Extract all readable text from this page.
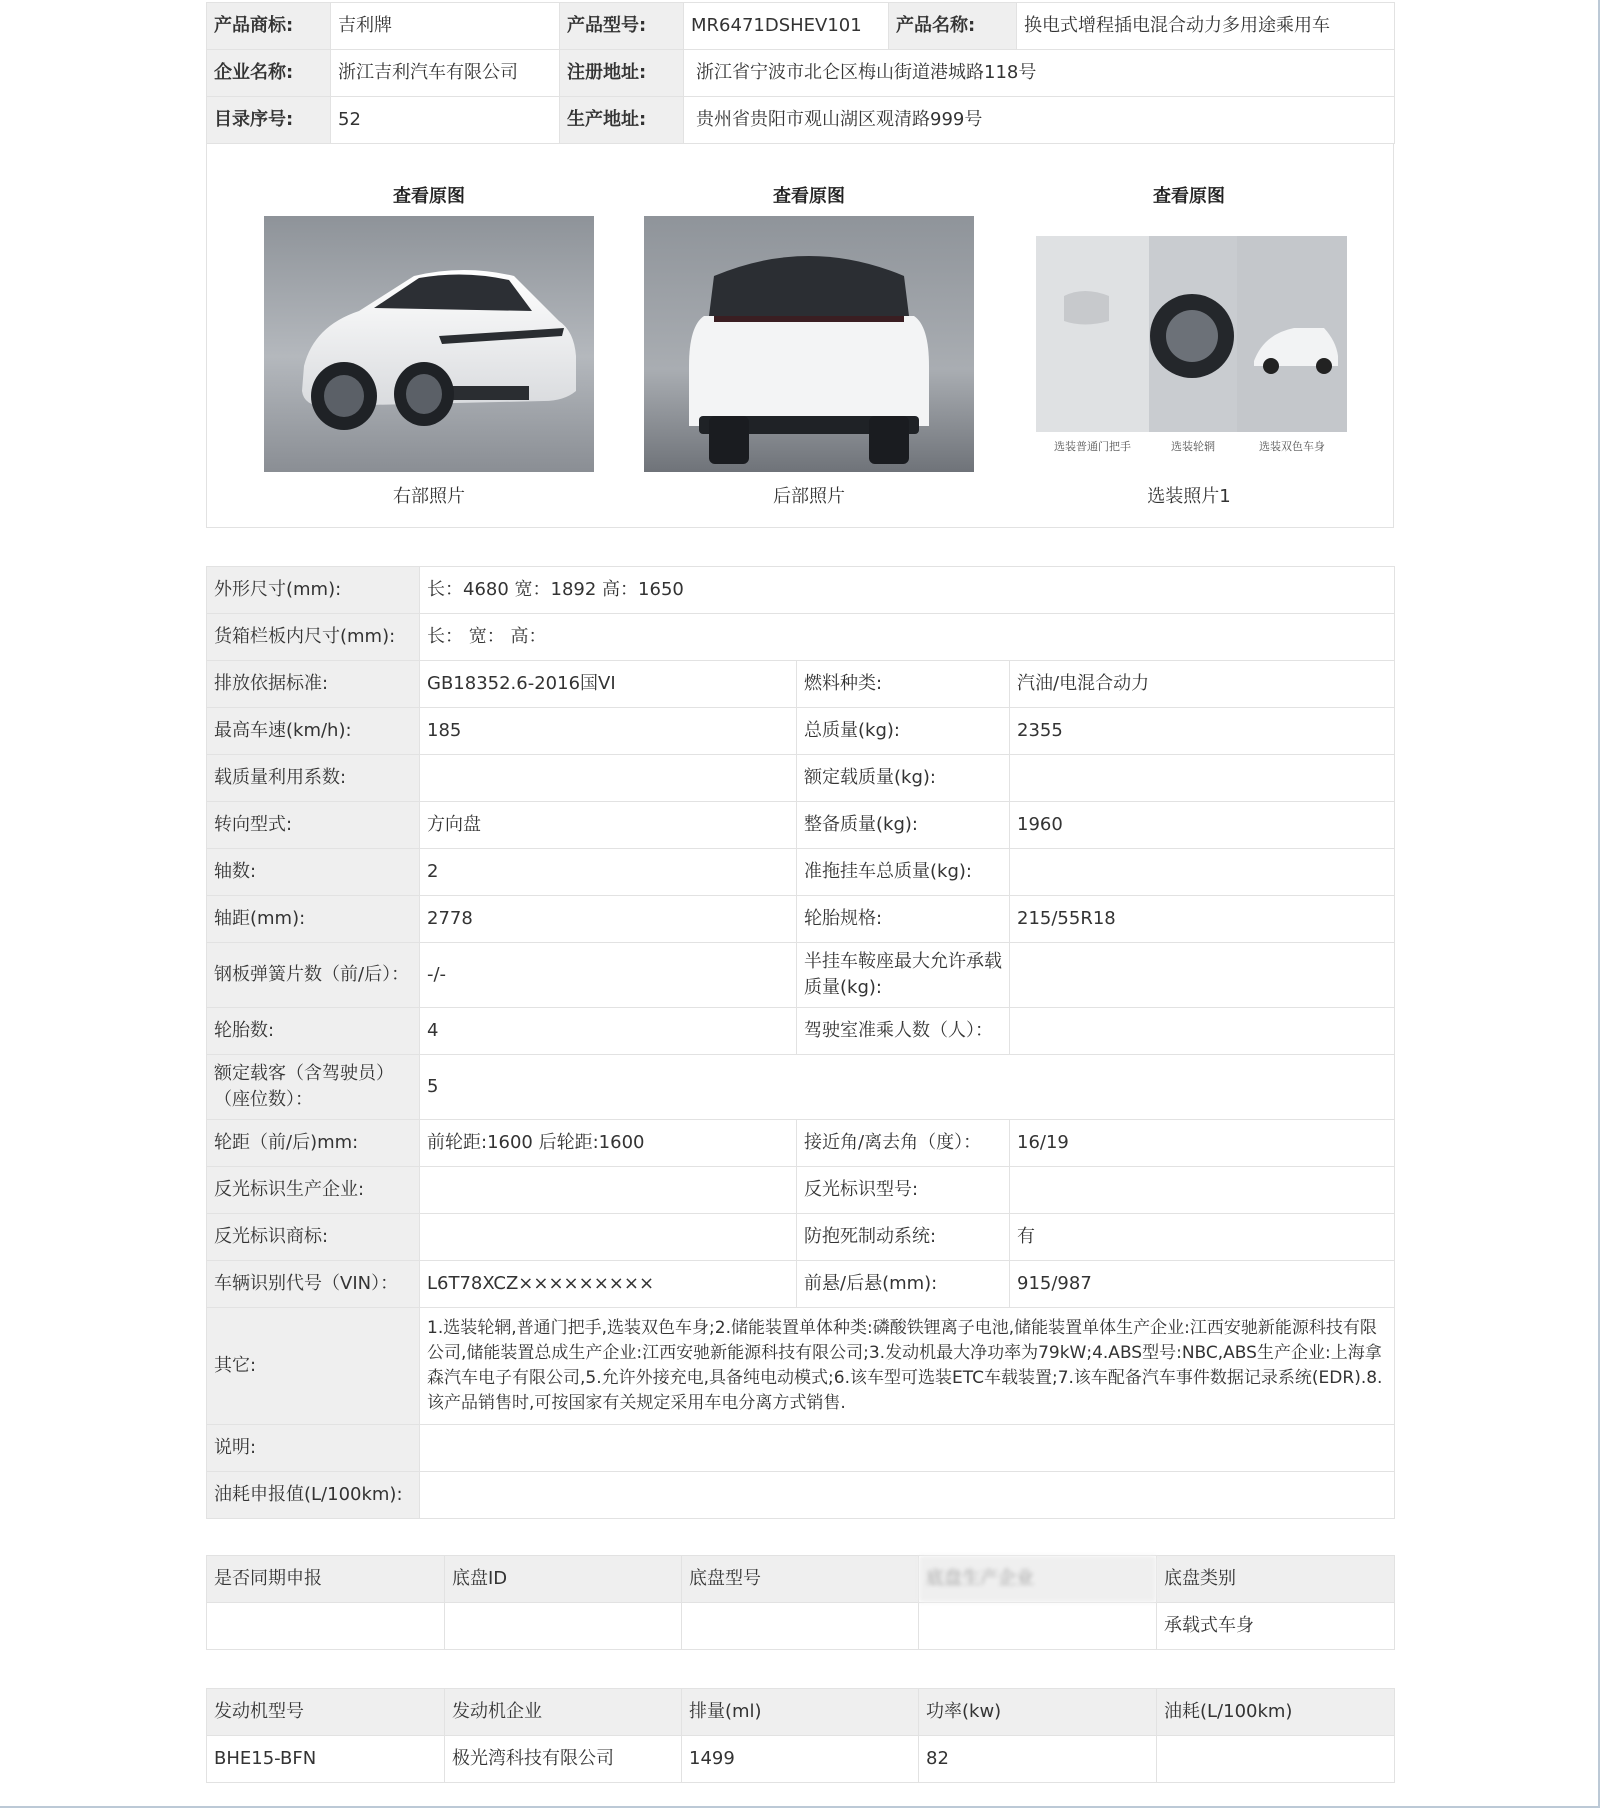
产品商标:	吉利牌	产品型号:	MR6471DSHEV101	产品名称:	换电式增程插电混合动力多用途乘用车
企业名称:	浙江吉利汽车有限公司	注册地址:	浙江省宁波市北仑区梅山街道港城路118号		
目录序号:	52	生产地址:	贵州省贵阳市观山湖区观清路999号		
查看原图
右部照片
查看原图
后部照片
查看原图
选装普通门把手	选装轮辋	选装双色车身
选装照片1
外形尺寸(mm):	长：4680 宽：1892 高：1650		
货箱栏板内尺寸(mm):	长： 宽： 高：		
排放依据标准:	GB18352.6-2016国VI	燃料种类:	汽油/电混合动力
最高车速(km/h):	185	总质量(kg):	2355
载质量利用系数:		额定载质量(kg):	
转向型式:	方向盘	整备质量(kg):	1960
轴数:	2	准拖挂车总质量(kg):	
轴距(mm):	2778	轮胎规格:	215/55R18
钢板弹簧片数（前/后）：	-/-	半挂车鞍座最大允许承载质量(kg):	
轮胎数:	4	驾驶室准乘人数（人）：	
额定载客（含驾驶员）（座位数）：	5		
轮距（前/后)mm:	前轮距:1600 后轮距:1600	接近角/离去角（度）：	16/19
反光标识生产企业:		反光标识型号:	
反光标识商标:		防抱死制动系统:	有
车辆识别代号（VIN）：	L6T78XCZ×××××××××	前悬/后悬(mm):	915/987
其它:	1.选装轮辋,普通门把手,选装双色车身;2.储能装置单体种类:磷酸铁锂离子电池,储能装置单体生产企业:江西安驰新能源科技有限公司,储能装置总成生产企业:江西安驰新能源科技有限公司;3.发动机最大净功率为79kW;4.ABS型号:NBC,ABS生产企业:上海拿森汽车电子有限公司,5.允许外接充电,具备纯电动模式;6.该车型可选装ETC车载装置;7.该车配备汽车事件数据记录系统(EDR).8.该产品销售时,可按国家有关规定采用车电分离方式销售.		
说明:			
油耗申报值(L/100km):			
是否同期申报	底盘ID	底盘型号	底盘生产企业	底盘类别
				承载式车身
发动机型号	发动机企业	排量(ml)	功率(kw)	油耗(L/100km)
BHE15-BFN	极光湾科技有限公司	1499	82	
